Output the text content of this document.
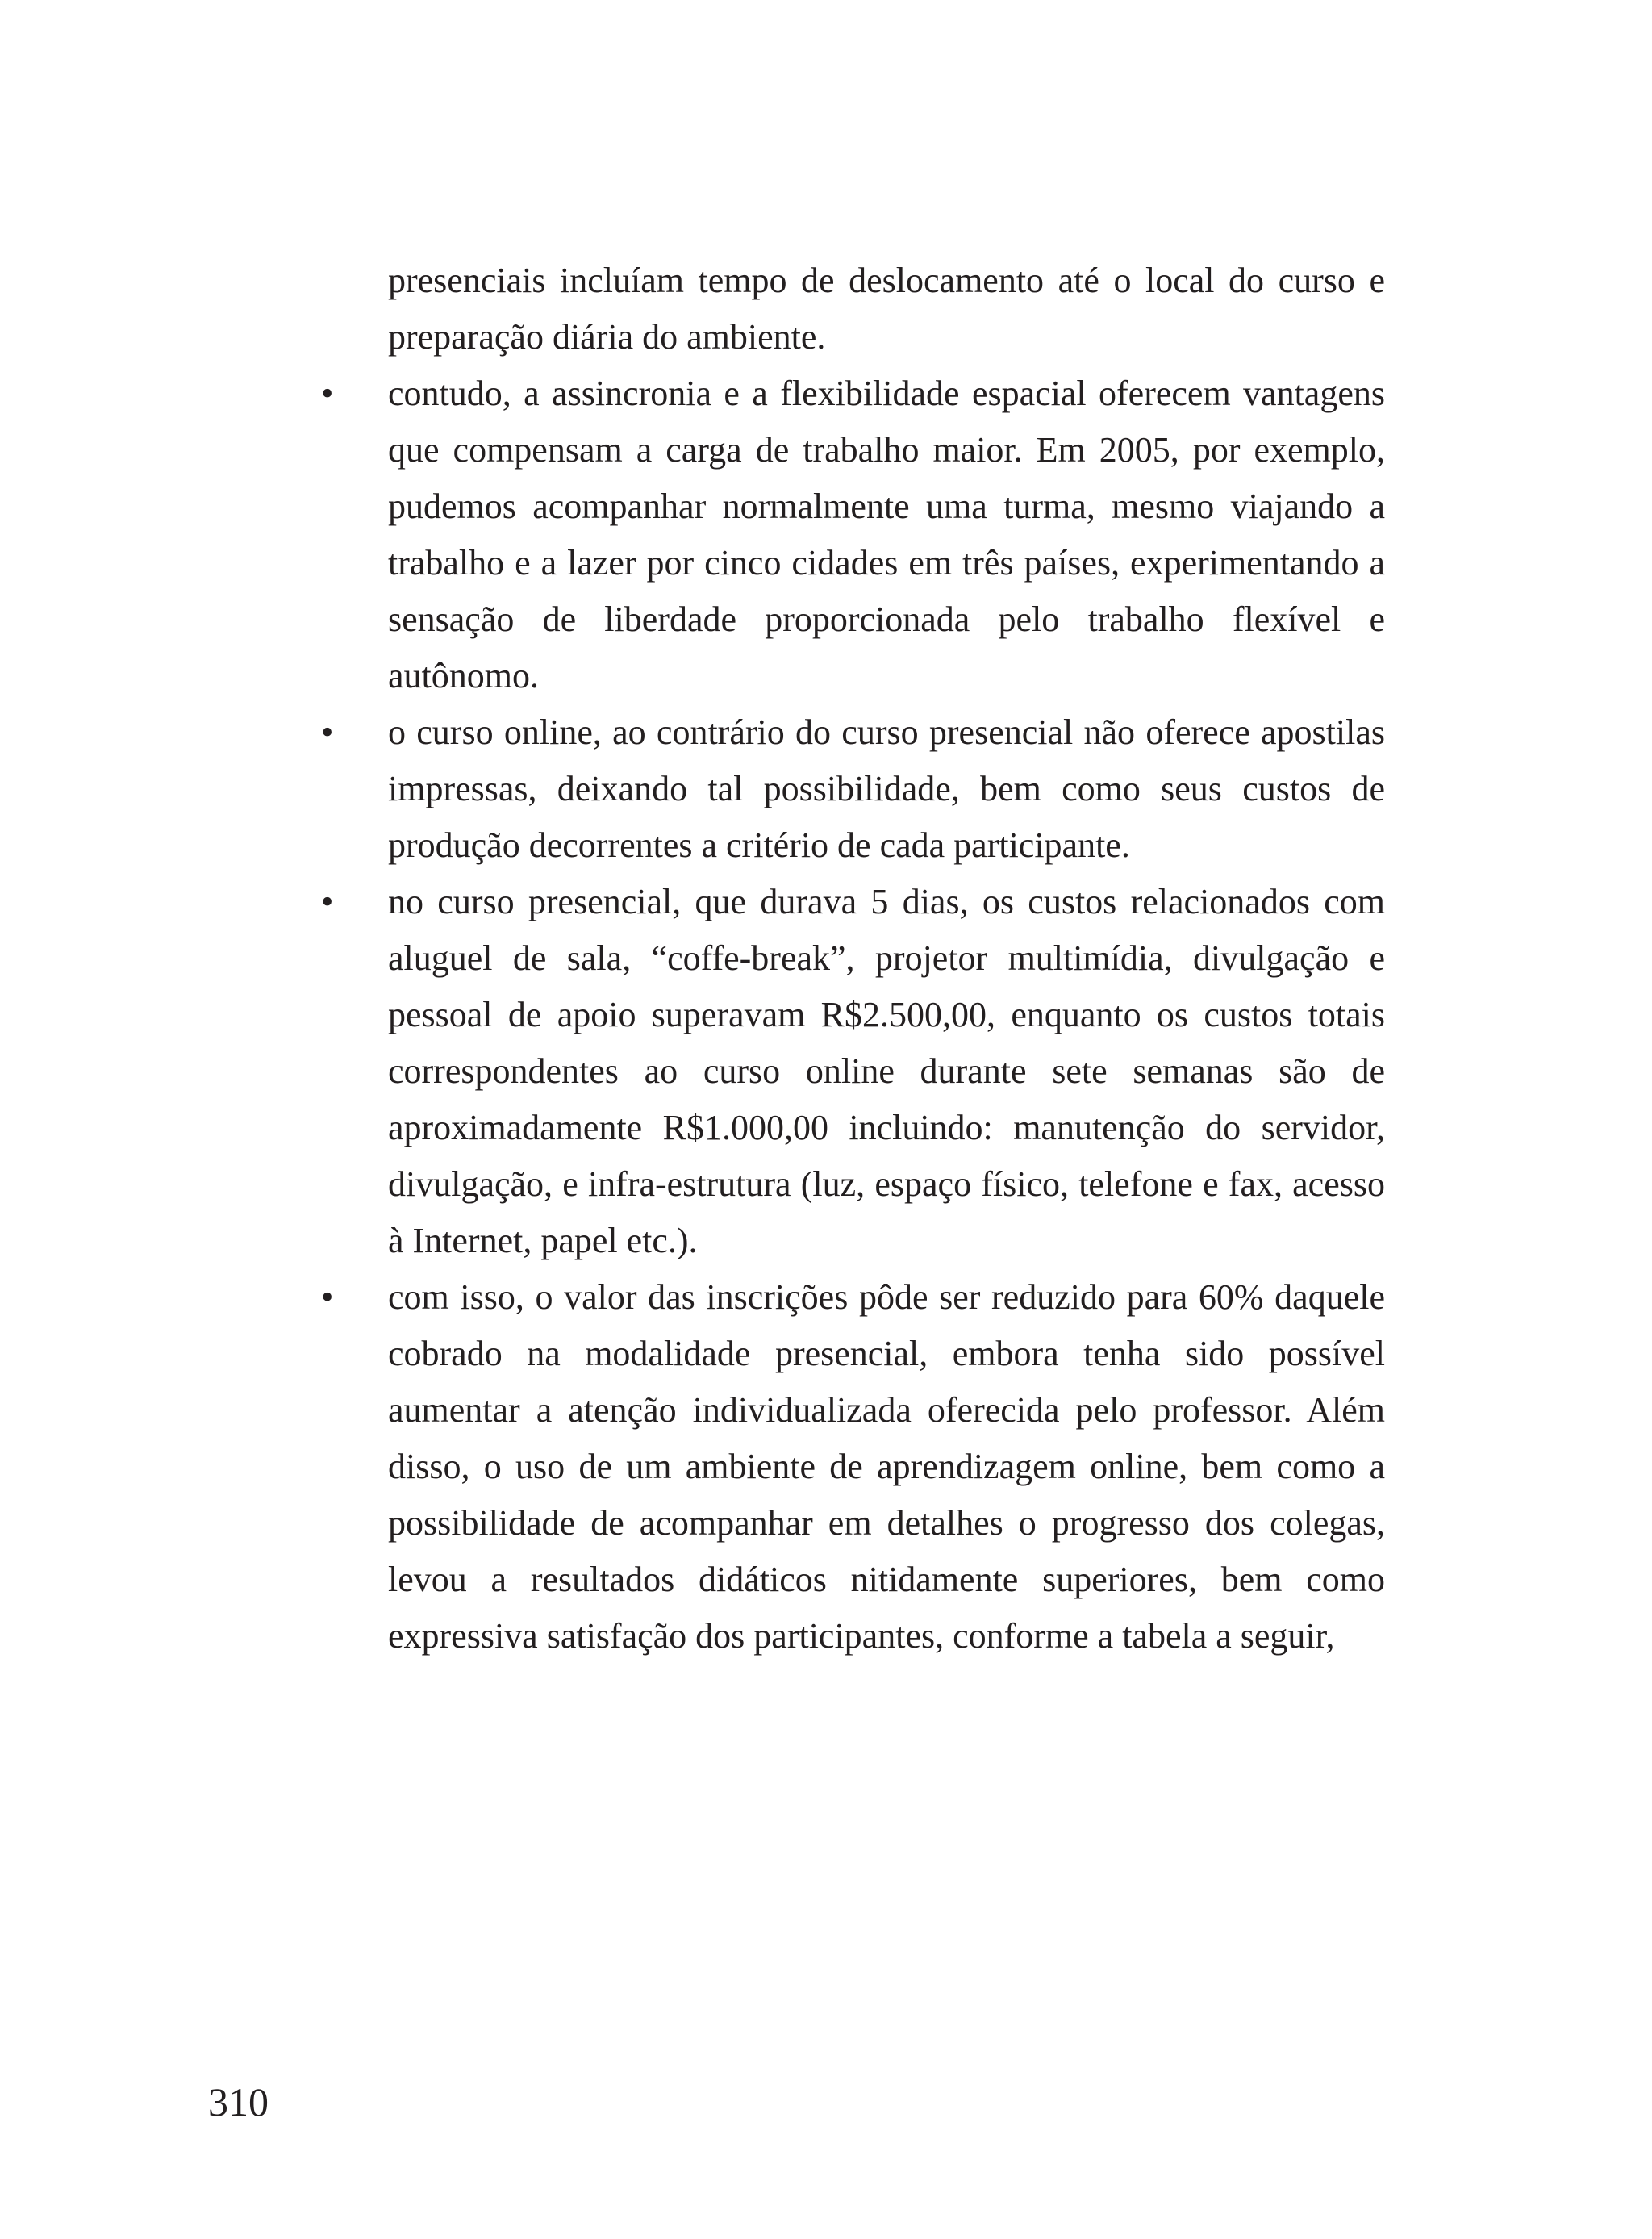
presenciais incluíam tempo de deslocamento até o local do curso e preparação diária do ambiente.

•	contudo, a assincronia e a flexibilidade espacial oferecem vantagens que compensam a carga de trabalho maior. Em 2005, por exemplo, pudemos acompanhar normalmente uma turma, mesmo viajando a trabalho e a lazer por cinco cidades em três países, experimentando a sensação de liberdade proporcionada pelo trabalho flexível e autônomo.
•	o curso online, ao contrário do curso presencial não oferece apostilas impressas, deixando tal possibilidade, bem como seus custos de produção decorrentes a critério de cada participante.
•	no curso presencial, que durava 5 dias, os custos relacionados com aluguel de sala, “coffe-break”, projetor multimídia, divulgação e pessoal de apoio superavam R$2.500,00, enquanto os custos totais correspondentes ao curso online durante sete semanas são de aproximadamente R$1.000,00 incluindo: manutenção do servidor, divulgação, e infra-estrutura (luz, espaço físico, telefone e fax, acesso à Internet, papel etc.).
•	com isso, o valor das inscrições pôde ser reduzido para 60% daquele cobrado na modalidade presencial, embora tenha sido possível aumentar a atenção individualizada oferecida pelo professor. Além disso, o uso de um ambiente de aprendizagem online, bem como a possibilidade de acompanhar em detalhes o progresso dos colegas, levou a resultados didáticos nitidamente superiores, bem como expressiva satisfação dos participantes, conforme a tabela a seguir,
310
